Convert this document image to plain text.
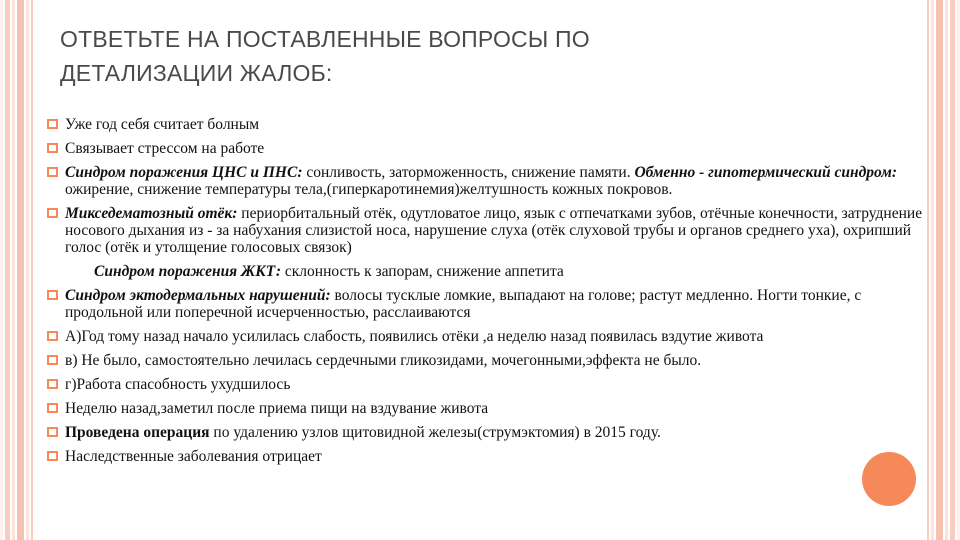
ОТВЕТЬТЕ НА ПОСТАВЛЕННЫЕ ВОПРОСЫ ПО
ДЕТАЛИЗАЦИИ ЖАЛОБ:
Уже год себя считает болным
Связывает стрессом на работе
Синдром поражения ЦНС и ПНС: сонливость, заторможенность, снижение памяти. Обменно - гипотермический синдром: ожирение, снижение температуры тела,(гиперкаротинемия)желтушность кожных покровов.
Микседематозный отёк: периорбитальный отёк, одутловатое лицо, язык с отпечатками зубов, отёчные конечности, затруднение носового дыхания из - за набухания слизистой носа, нарушение слуха (отёк слуховой трубы и органов среднего уха), охрипший голос (отёк и утолщение голосовых связок)
Синдром поражения ЖКТ: склонность к запорам, снижение аппетита
Синдром эктодермальных нарушений: волосы тусклые ломкие, выпадают на голове; растут медленно. Ногти тонкие, с продольной или поперечной исчерченностью, расслаиваются
А)Год тому назад начало усилилась слабость, появились отёки ,а неделю назад появилась вздутие живота
в) Не было, самостоятельно лечилась сердечными гликозидами, мочегонными,эффекта не было.
г)Работа спасобность ухудшилось
Неделю назад,заметил после приема пищи на вздувание живота
Проведена операция по удалению узлов щитовидной железы(струмэктомия) в 2015 году.
Наследственные заболевания отрицает
